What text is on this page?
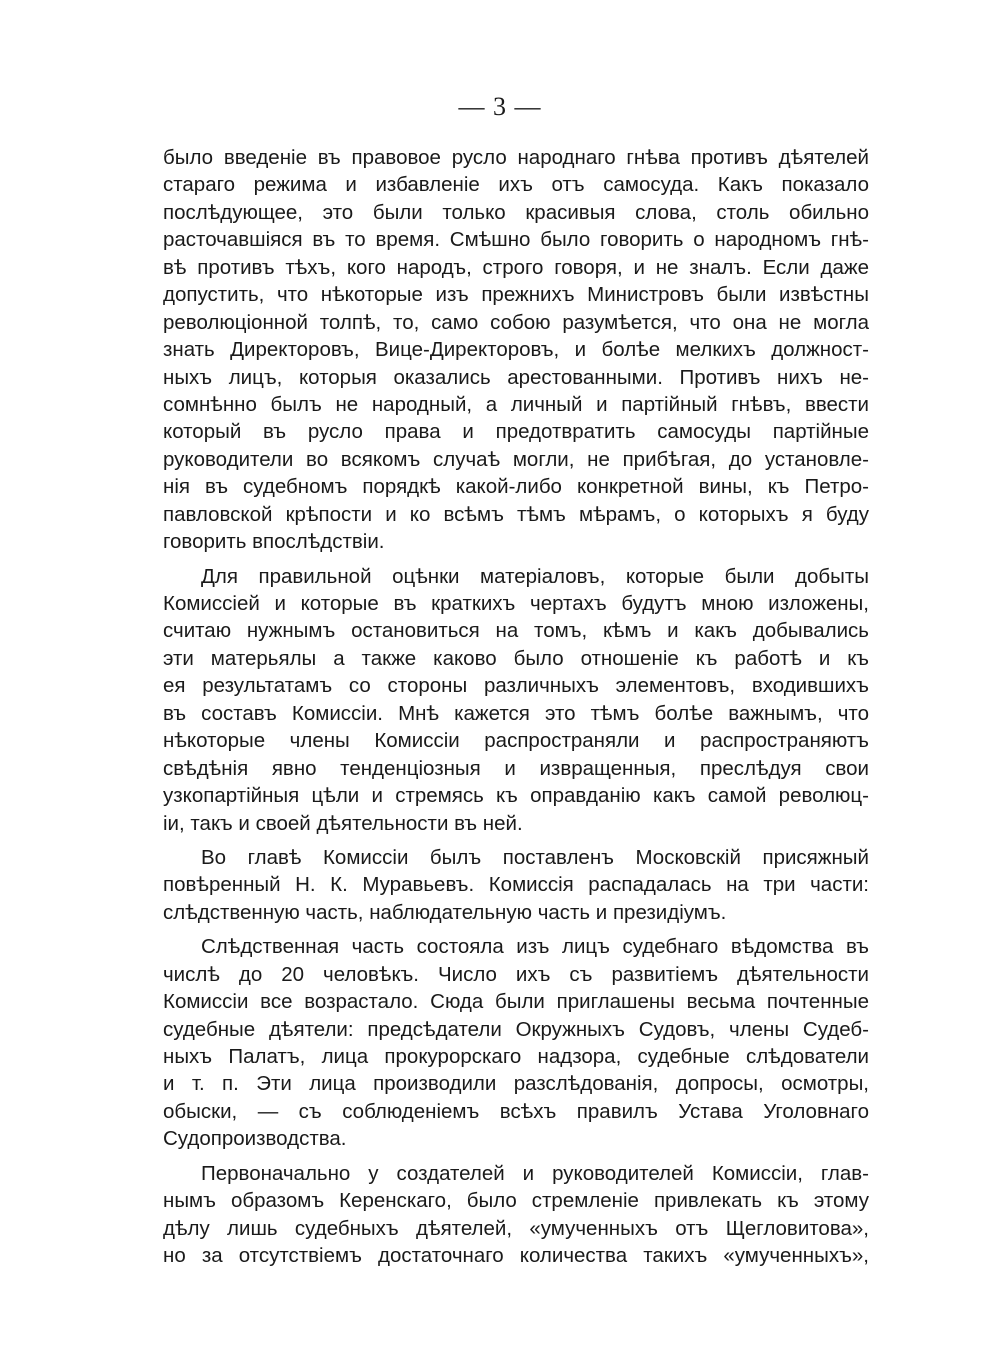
— 3 —
было введеніе въ правовое русло народнаго гнѣва противъ дѣятелей
стараго режима и избавленіе ихъ отъ самосуда. Какъ показало
послѣдующее, это были только красивыя слова, столь обильно
расточавшіяся въ то время. Смѣшно было говорить о народномъ гнѣ-
вѣ противъ тѣхъ, кого народъ, строго говоря, и не зналъ. Если даже
допустить, что нѣкоторые изъ прежнихъ Министровъ были извѣстны
революціонной толпѣ, то, само собою разумѣется, что она не могла
знать Директоровъ, Вице-Директоровъ, и болѣе мелкихъ должност-
ныхъ лицъ, которыя оказались арестованными. Противъ нихъ не-
сомнѣнно былъ не народный, а личный и партійный гнѣвъ, ввести
который въ русло права и предотвратить самосуды партійные
руководители во всякомъ случаѣ могли, не прибѣгая, до установле-
нія въ судебномъ порядкѣ какой-либо конкретной вины, къ Петро-
павловской крѣпости и ко всѣмъ тѣмъ мѣрамъ, о которыхъ я буду
говорить впослѣдствіи.
Для правильной оцѣнки матеріаловъ, которые были добыты
Комиссіей и которые въ краткихъ чертахъ будутъ мною изложены,
считаю нужнымъ остановиться на томъ, кѣмъ и какъ добывались
эти матерьялы а также каково было отношеніе къ работѣ и къ
ея результатамъ со стороны различныхъ элементовъ, входившихъ
въ составъ Комиссіи. Мнѣ кажется это тѣмъ болѣе важнымъ, что
нѣкоторые члены Комиссіи распространяли и распространяютъ
свѣдѣнія явно тенденціозныя и извращенныя, преслѣдуя свои
узкопартійныя цѣли и стремясь къ оправданію какъ самой революц-
іи, такъ и своей дѣятельности въ ней.
Во главѣ Комиссіи былъ поставленъ Московскій присяжный
повѣренный Н. К. Муравьевъ. Комиссія распадалась на три части:
слѣдственную часть, наблюдательную часть и президіумъ.
Слѣдственная часть состояла изъ лицъ судебнаго вѣдомства въ
числѣ до 20 человѣкъ. Число ихъ съ развитіемъ дѣятельности
Комиссіи все возрастало. Сюда были приглашены весьма почтенные
судебные дѣятели: предсѣдатели Окружныхъ Судовъ, члены Судеб-
ныхъ Палатъ, лица прокурорскаго надзора, судебные слѣдователи
и т. п. Эти лица производили разслѣдованія, допросы, осмотры,
обыски, — съ соблюденіемъ всѣхъ правилъ Устава Уголовнаго
Судопроизводства.
Первоначально у создателей и руководителей Комиссіи, глав-
нымъ образомъ Керенскаго, было стремленіе привлекать къ этому
дѣлу лишь судебныхъ дѣятелей, «умученныхъ отъ Щегловитова»,
но за отсутствіемъ достаточнаго количества такихъ «умученныхъ»,
